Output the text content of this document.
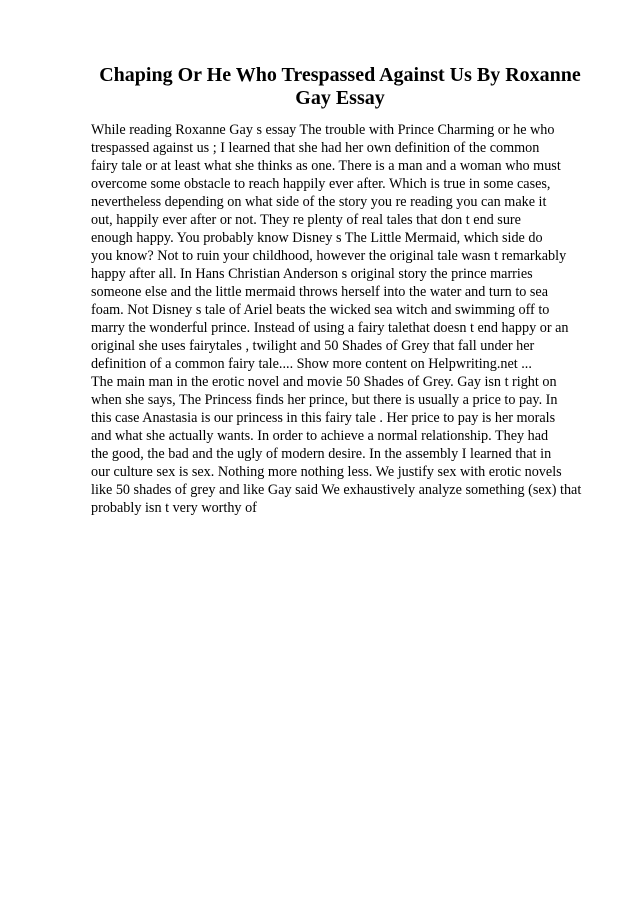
Chaping Or He Who Trespassed Against Us By Roxanne
Gay Essay
While reading Roxanne Gay s essay The trouble with Prince Charming or he who
trespassed against us ; I learned that she had her own definition of the common
fairy tale or at least what she thinks as one. There is a man and a woman who must
overcome some obstacle to reach happily ever after. Which is true in some cases,
nevertheless depending on what side of the story you re reading you can make it
out, happily ever after or not. They re plenty of real tales that don t end sure
enough happy. You probably know Disney s The Little Mermaid, which side do
you know? Not to ruin your childhood, however the original tale wasn t remarkably
happy after all. In Hans Christian Anderson s original story the prince marries
someone else and the little mermaid throws herself into the water and turn to sea
foam. Not Disney s tale of Ariel beats the wicked sea witch and swimming off to
marry the wonderful prince. Instead of using a fairy talethat doesn t end happy or an
original she uses fairytales , twilight and 50 Shades of Grey that fall under her
definition of a common fairy tale.... Show more content on Helpwriting.net ...
The main man in the erotic novel and movie 50 Shades of Grey. Gay isn t right on
when she says, The Princess finds her prince, but there is usually a price to pay. In
this case Anastasia is our princess in this fairy tale . Her price to pay is her morals
and what she actually wants. In order to achieve a normal relationship. They had
the good, the bad and the ugly of modern desire. In the assembly I learned that in
our culture sex is sex. Nothing more nothing less. We justify sex with erotic novels
like 50 shades of grey and like Gay said We exhaustively analyze something (sex) that
probably isn t very worthy of
